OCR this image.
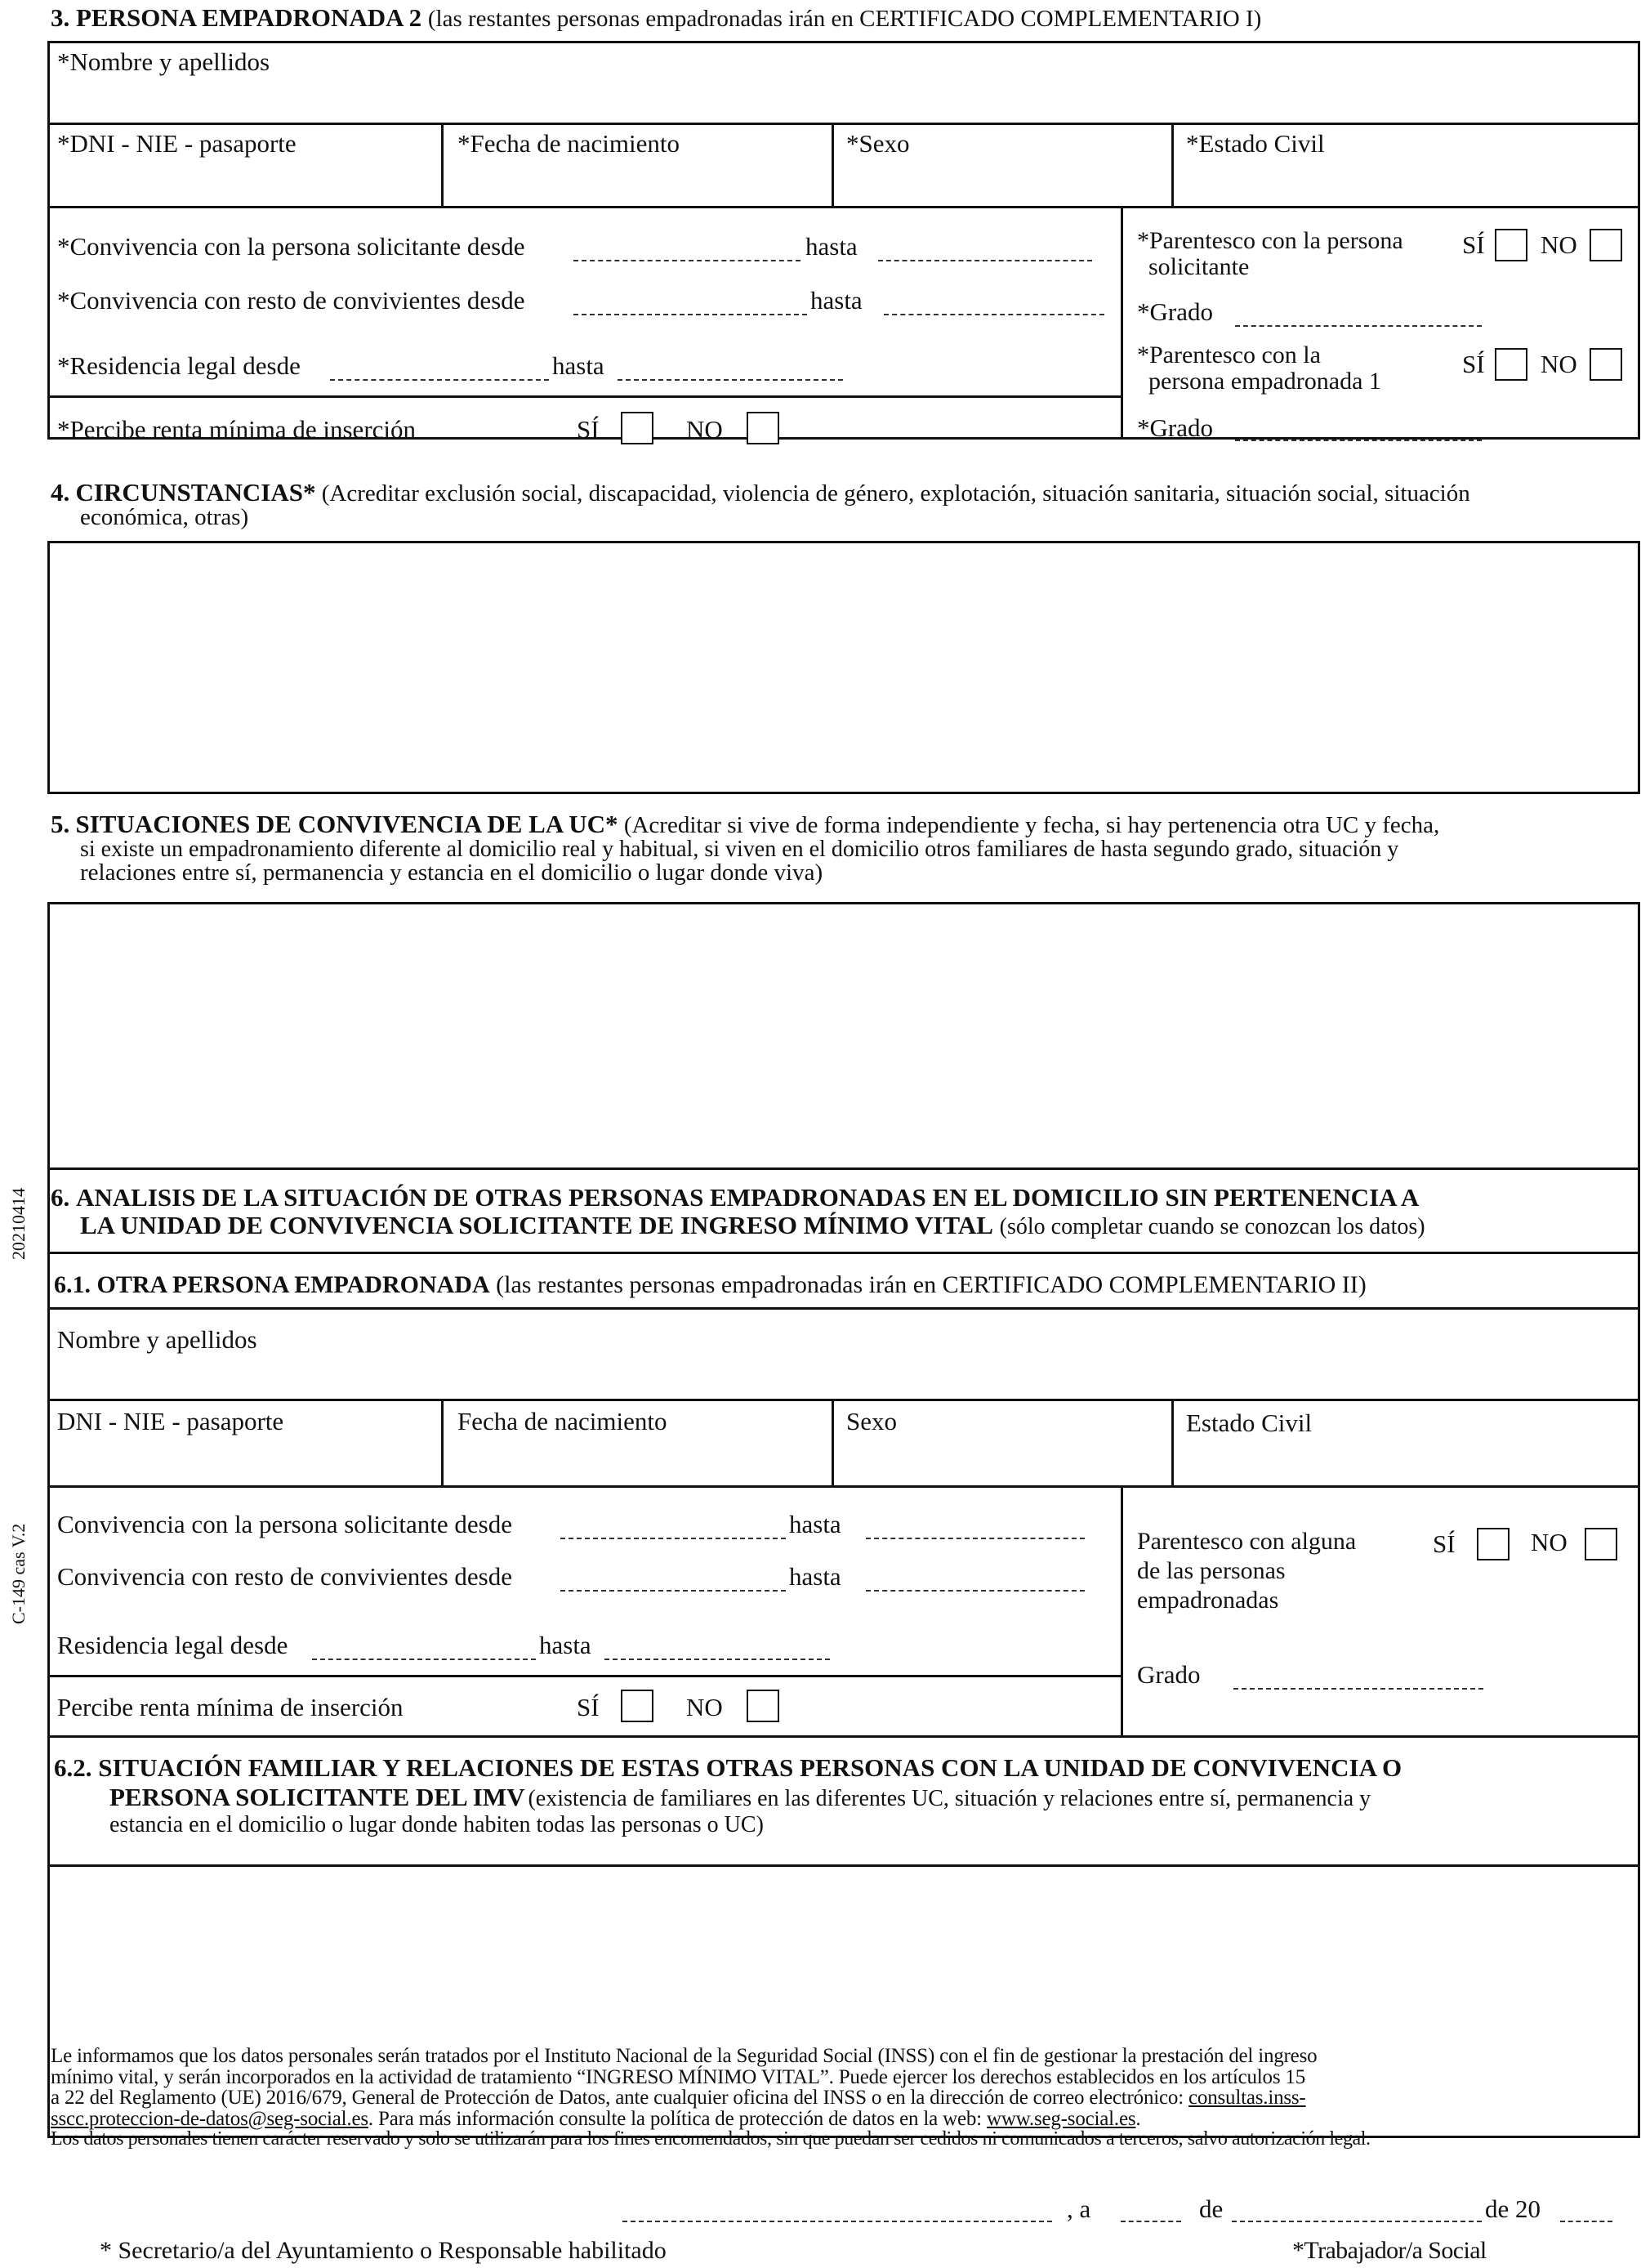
3. PERSONA EMPADRONADA 2 (las restantes personas empadronadas irán en CERTIFICADO COMPLEMENTARIO I)
*Nombre y apellidos
*DNI - NIE - pasaporte	*Fecha de nacimiento	*Sexo	*Estado Civil
*Convivencia con la persona solicitante desde	hasta
*Convivencia con resto de convivientes desde	hasta
*Residencia legal desde	hasta
*Percibe renta mínima de inserción	SÍ	NO
*Parentesco con la persona
solicitante
SÍ NO
*Grado
*Parentesco con la
persona empadronada 1
SÍ NO
*Grado
4. CIRCUNSTANCIAS* (Acreditar exclusión social, discapacidad, violencia de género, explotación, situación sanitaria, situación social, situación
económica, otras)
5. SITUACIONES DE CONVIVENCIA DE LA UC* (Acreditar si vive de forma independiente y fecha, si hay pertenencia otra UC y fecha,
si existe un empadronamiento diferente al domicilio real y habitual, si viven en el domicilio otros familiares de hasta segundo grado, situación y
relaciones entre sí, permanencia y estancia en el domicilio o lugar donde viva)
6. ANALISIS DE LA SITUACIÓN DE OTRAS PERSONAS EMPADRONADAS EN EL DOMICILIO SIN PERTENENCIA A
LA UNIDAD DE CONVIVENCIA SOLICITANTE DE INGRESO MÍNIMO VITAL (sólo completar cuando se conozcan los datos)
6.1. OTRA PERSONA EMPADRONADA (las restantes personas empadronadas irán en CERTIFICADO COMPLEMENTARIO II)
Nombre y apellidos
DNI - NIE - pasaporte	Fecha de nacimiento	Sexo	Estado Civil
Convivencia con la persona solicitante desde	hasta
Convivencia con resto de convivientes desde	hasta
Residencia legal desde	hasta
Percibe renta mínima de inserción	SÍ	NO
Parentesco con alguna
de las personas
empadronadas
SÍ	NO
Grado
6.2. SITUACIÓN FAMILIAR Y RELACIONES DE ESTAS OTRAS PERSONAS CON LA UNIDAD DE CONVIVENCIA O
PERSONA SOLICITANTE DEL IMV (existencia de familiares en las diferentes UC, situación y relaciones entre sí, permanencia y
estancia en el domicilio o lugar donde habiten todas las personas o UC)
Le informamos que los datos personales serán tratados por el Instituto Nacional de la Seguridad Social (INSS) con el fin de gestionar la prestación del ingreso
mínimo vital, y serán incorporados en la actividad de tratamiento “INGRESO MÍNIMO VITAL”. Puede ejercer los derechos establecidos en los artículos 15
a 22 del Reglamento (UE) 2016/679, General de Protección de Datos, ante cualquier oficina del INSS o en la dirección de correo electrónico: consultas.inss-
sscc.proteccion-de-datos@seg-social.es. Para más información consulte la política de protección de datos en la web: www.seg-social.es.
Los datos personales tienen carácter reservado y solo se utilizarán para los fines encomendados, sin que puedan ser cedidos ni comunicados a terceros, salvo autorización legal.
, a	de	de 20
* Secretario/a del Ayuntamiento o Responsable habilitado	*Trabajador/a Social
20210414
C-149 cas V.2
